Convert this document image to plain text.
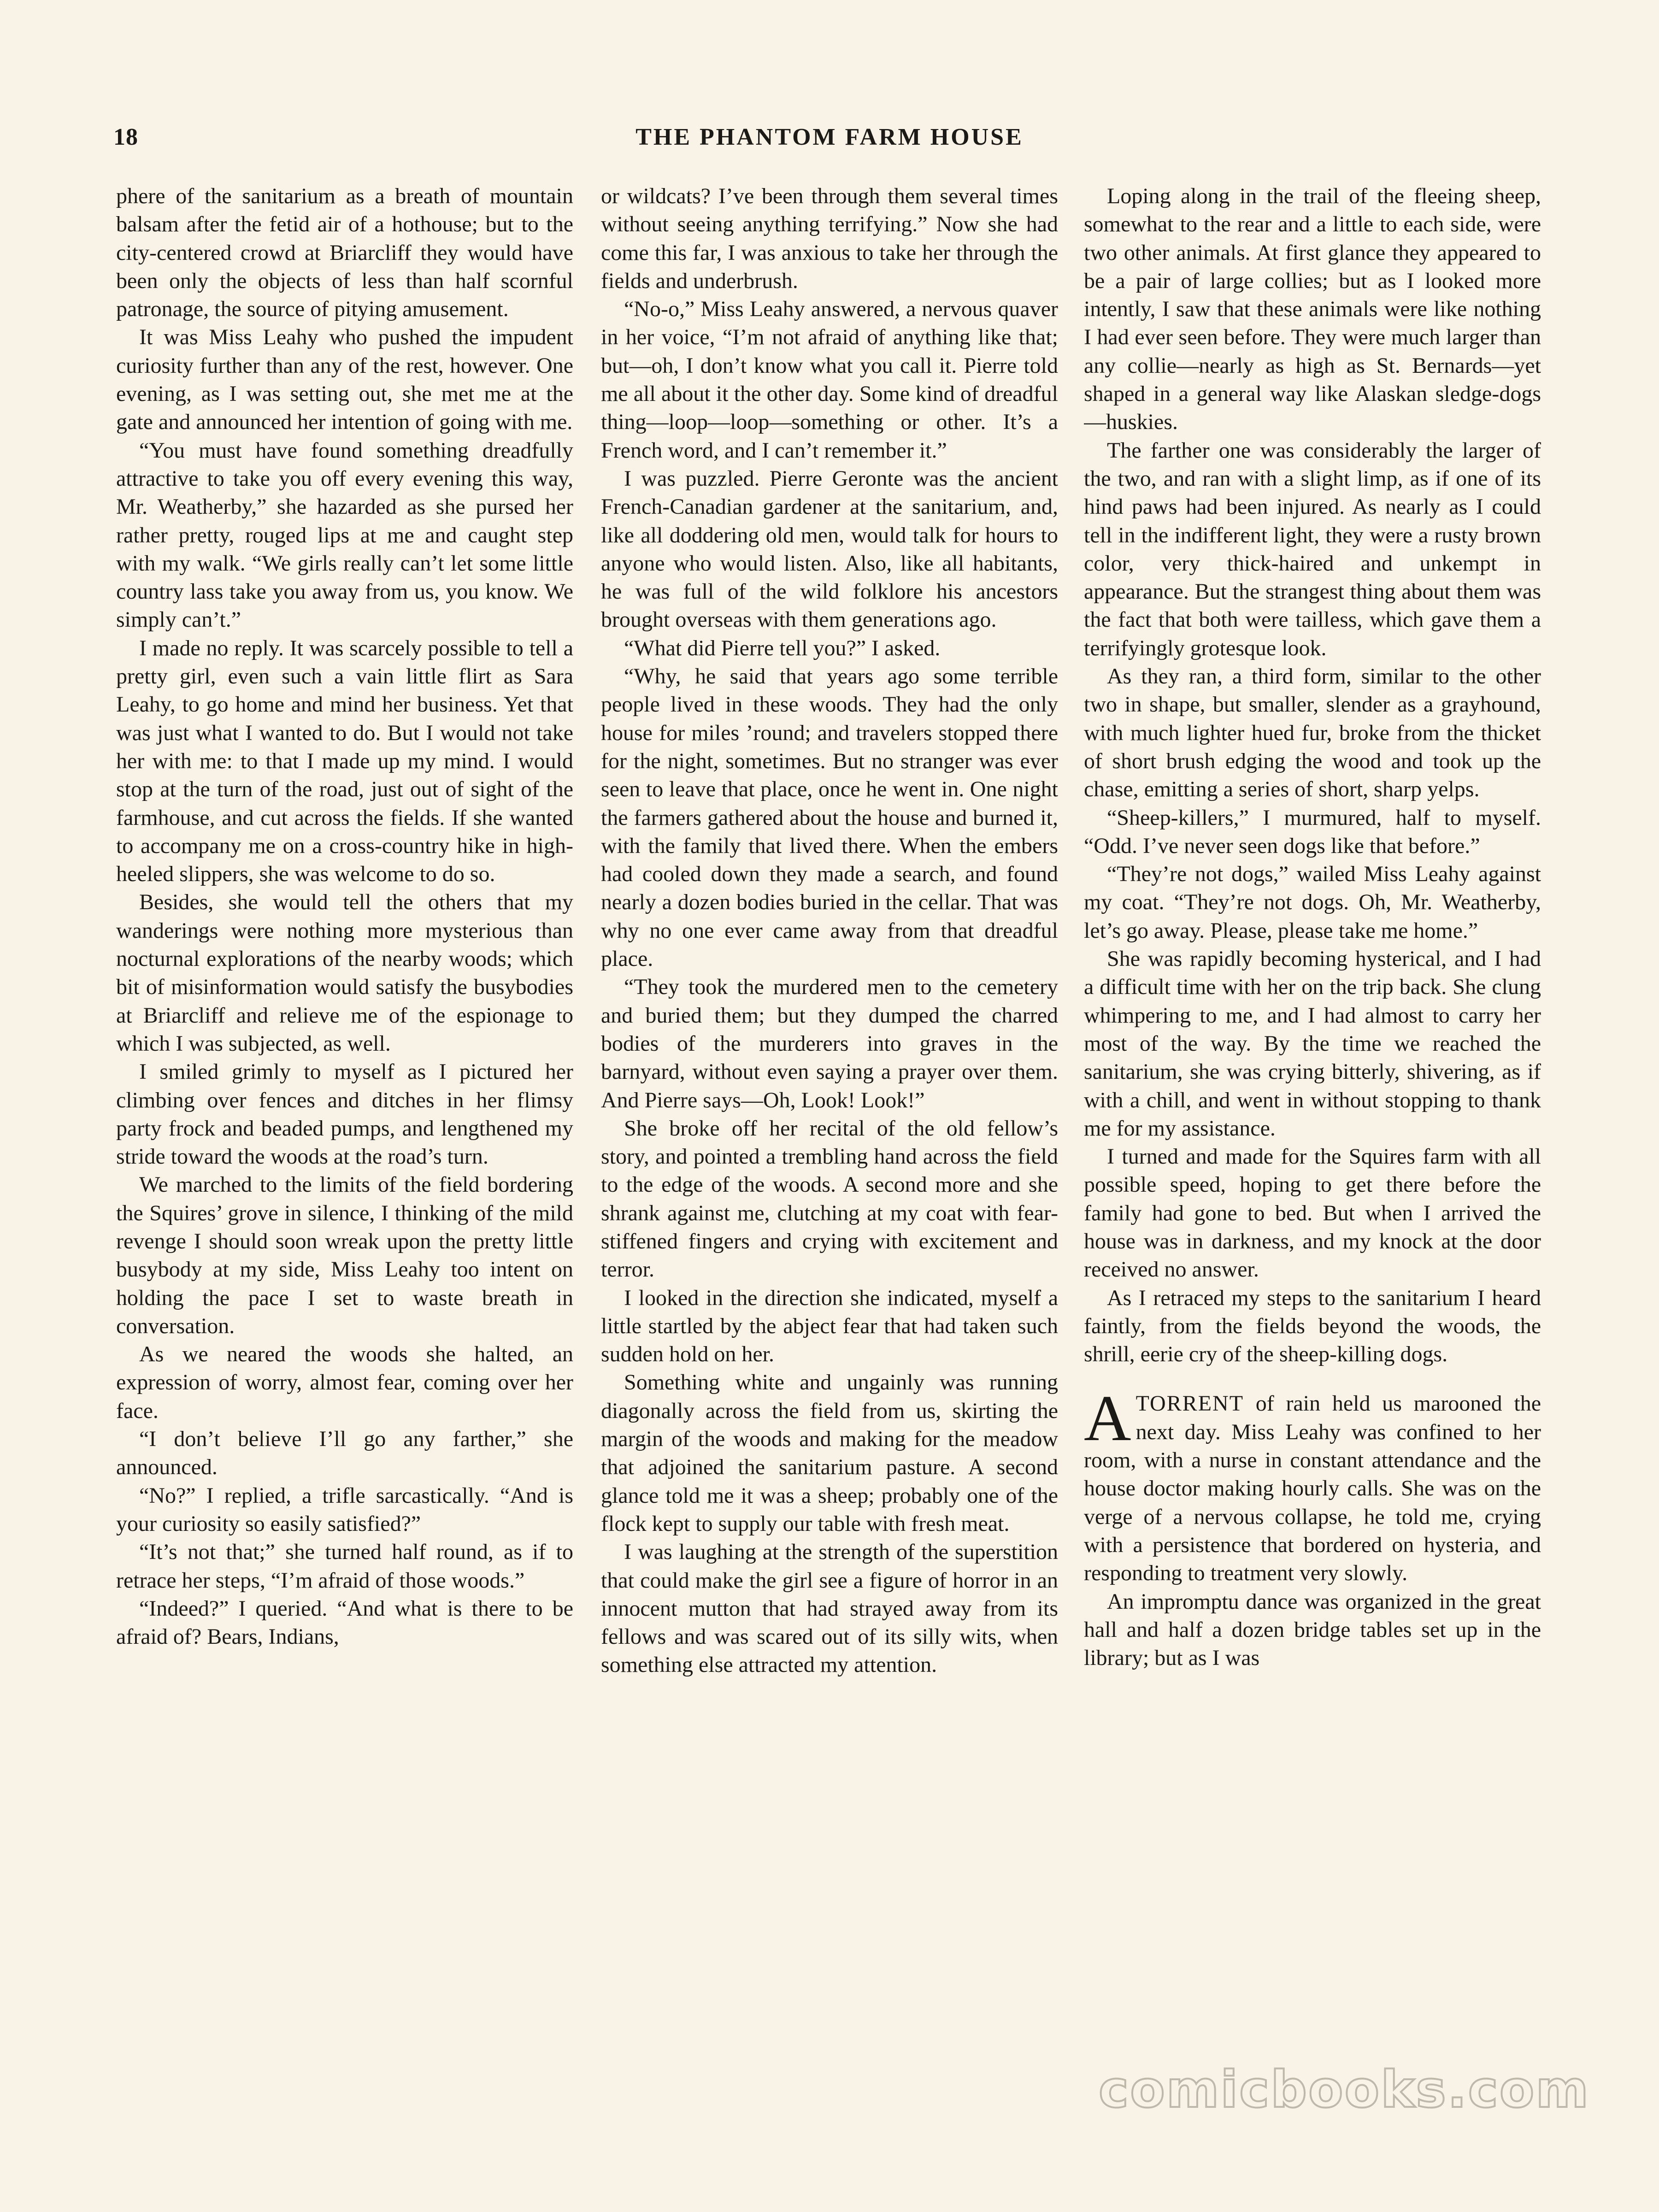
18	THE PHANTOM FARM HOUSE

phere of the sanitarium as a breath of mountain balsam after the fetid air of a hothouse; but to the city-centered crowd at Briarcliff they would have been only the objects of less than half scornful patronage, the source of pitying amusement.

It was Miss Leahy who pushed the impudent curiosity further than any of the rest, however. One evening, as I was setting out, she met me at the gate and announced her intention of going with me.

“You must have found something dreadfully attractive to take you off every evening this way, Mr. Weatherby,” she hazarded as she pursed her rather pretty, rouged lips at me and caught step with my walk. “We girls really can’t let some little country lass take you away from us, you know. We simply can’t.”

I made no reply. It was scarcely possible to tell a pretty girl, even such a vain little flirt as Sara Leahy, to go home and mind her business. Yet that was just what I wanted to do. But I would not take her with me: to that I made up my mind. I would stop at the turn of the road, just out of sight of the farmhouse, and cut across the fields. If she wanted to accompany me on a cross-country hike in high-heeled slippers, she was welcome to do so.

Besides, she would tell the others that my wanderings were nothing more mysterious than nocturnal explorations of the nearby woods; which bit of misinformation would satisfy the busybodies at Briarcliff and relieve me of the espionage to which I was subjected, as well.

I smiled grimly to myself as I pictured her climbing over fences and ditches in her flimsy party frock and beaded pumps, and lengthened my stride toward the woods at the road’s turn.

We marched to the limits of the field bordering the Squires’ grove in silence, I thinking of the mild revenge I should soon wreak upon the pretty little busybody at my side, Miss Leahy too intent on holding the pace I set to waste breath in conversation.

As we neared the woods she halted, an expression of worry, almost fear, coming over her face.

“I don’t believe I’ll go any farther,” she announced.

“No?” I replied, a trifle sarcastically. “And is your curiosity so easily satisfied?”

“It’s not that;” she turned half round, as if to retrace her steps, “I’m afraid of those woods.”

“Indeed?” I queried. “And what is there to be afraid of? Bears, Indians,

or wildcats? I’ve been through them several times without seeing anything terrifying.” Now she had come this far, I was anxious to take her through the fields and underbrush.

“No-o,” Miss Leahy answered, a nervous quaver in her voice, “I’m not afraid of anything like that; but—oh, I don’t know what you call it. Pierre told me all about it the other day. Some kind of dreadful thing—loop—loop—something or other. It’s a French word, and I can’t remember it.”

I was puzzled. Pierre Geronte was the ancient French-Canadian gardener at the sanitarium, and, like all doddering old men, would talk for hours to anyone who would listen. Also, like all habitants, he was full of the wild folklore his ancestors brought overseas with them generations ago.

“What did Pierre tell you?” I asked.

“Why, he said that years ago some terrible people lived in these woods. They had the only house for miles ’round; and travelers stopped there for the night, sometimes. But no stranger was ever seen to leave that place, once he went in. One night the farmers gathered about the house and burned it, with the family that lived there. When the embers had cooled down they made a search, and found nearly a dozen bodies buried in the cellar. That was why no one ever came away from that dreadful place.

“They took the murdered men to the cemetery and buried them; but they dumped the charred bodies of the murderers into graves in the barnyard, without even saying a prayer over them. And Pierre says—Oh, Look! Look!”

She broke off her recital of the old fellow’s story, and pointed a trembling hand across the field to the edge of the woods. A second more and she shrank against me, clutching at my coat with fear-stiffened fingers and crying with excitement and terror.

I looked in the direction she indicated, myself a little startled by the abject fear that had taken such sudden hold on her.

Something white and ungainly was running diagonally across the field from us, skirting the margin of the woods and making for the meadow that adjoined the sanitarium pasture. A second glance told me it was a sheep; probably one of the flock kept to supply our table with fresh meat.

I was laughing at the strength of the superstition that could make the girl see a figure of horror in an innocent mutton that had strayed away from its fellows and was scared out of its silly wits, when something else attracted my attention.

Loping along in the trail of the fleeing sheep, somewhat to the rear and a little to each side, were two other animals. At first glance they appeared to be a pair of large collies; but as I looked more intently, I saw that these animals were like nothing I had ever seen before. They were much larger than any collie—nearly as high as St. Bernards—yet shaped in a general way like Alaskan sledge-dogs—huskies.

The farther one was considerably the larger of the two, and ran with a slight limp, as if one of its hind paws had been injured. As nearly as I could tell in the indifferent light, they were a rusty brown color, very thick-haired and unkempt in appearance. But the strangest thing about them was the fact that both were tailless, which gave them a terrifyingly grotesque look.

As they ran, a third form, similar to the other two in shape, but smaller, slender as a grayhound, with much lighter hued fur, broke from the thicket of short brush edging the wood and took up the chase, emitting a series of short, sharp yelps.

“Sheep-killers,” I murmured, half to myself. “Odd. I’ve never seen dogs like that before.”

“They’re not dogs,” wailed Miss Leahy against my coat. “They’re not dogs. Oh, Mr. Weatherby, let’s go away. Please, please take me home.”

She was rapidly becoming hysterical, and I had a difficult time with her on the trip back. She clung whimpering to me, and I had almost to carry her most of the way. By the time we reached the sanitarium, she was crying bitterly, shivering, as if with a chill, and went in without stopping to thank me for my assistance.

I turned and made for the Squires farm with all possible speed, hoping to get there before the family had gone to bed. But when I arrived the house was in darkness, and my knock at the door received no answer.

As I retraced my steps to the sanitarium I heard faintly, from the fields beyond the woods, the shrill, eerie cry of the sheep-killing dogs.

ATORRENT of rain held us marooned the next day. Miss Leahy was confined to her room, with a nurse in constant attendance and the house doctor making hourly calls. She was on the verge of a nervous collapse, he told me, crying with a persistence that bordered on hysteria, and responding to treatment very slowly.

An impromptu dance was organized in the great hall and half a dozen bridge tables set up in the library; but as I was

comicbooks.com
